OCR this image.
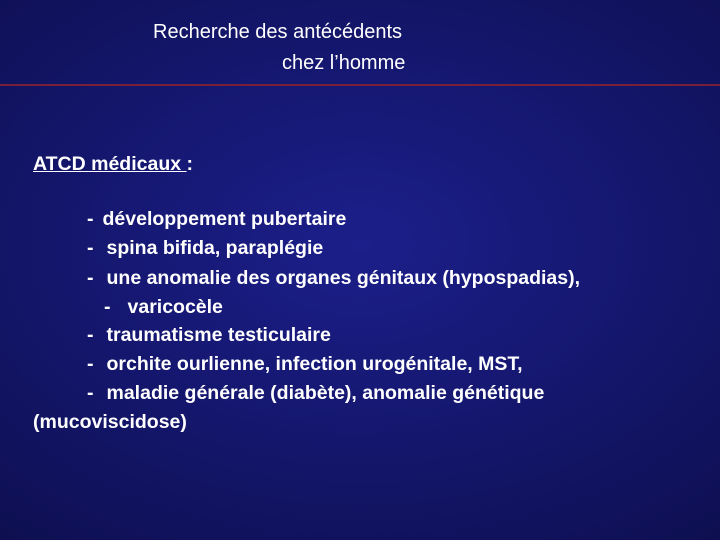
Recherche des antécédents
chez l’homme
ATCD médicaux :
- développement pubertaire
- spina bifida, paraplégie
- une anomalie des organes génitaux (hypospadias),
- varicocèle
- traumatisme testiculaire
- orchite ourlienne, infection urogénitale, MST,
- maladie générale (diabète), anomalie génétique
(mucoviscidose)
